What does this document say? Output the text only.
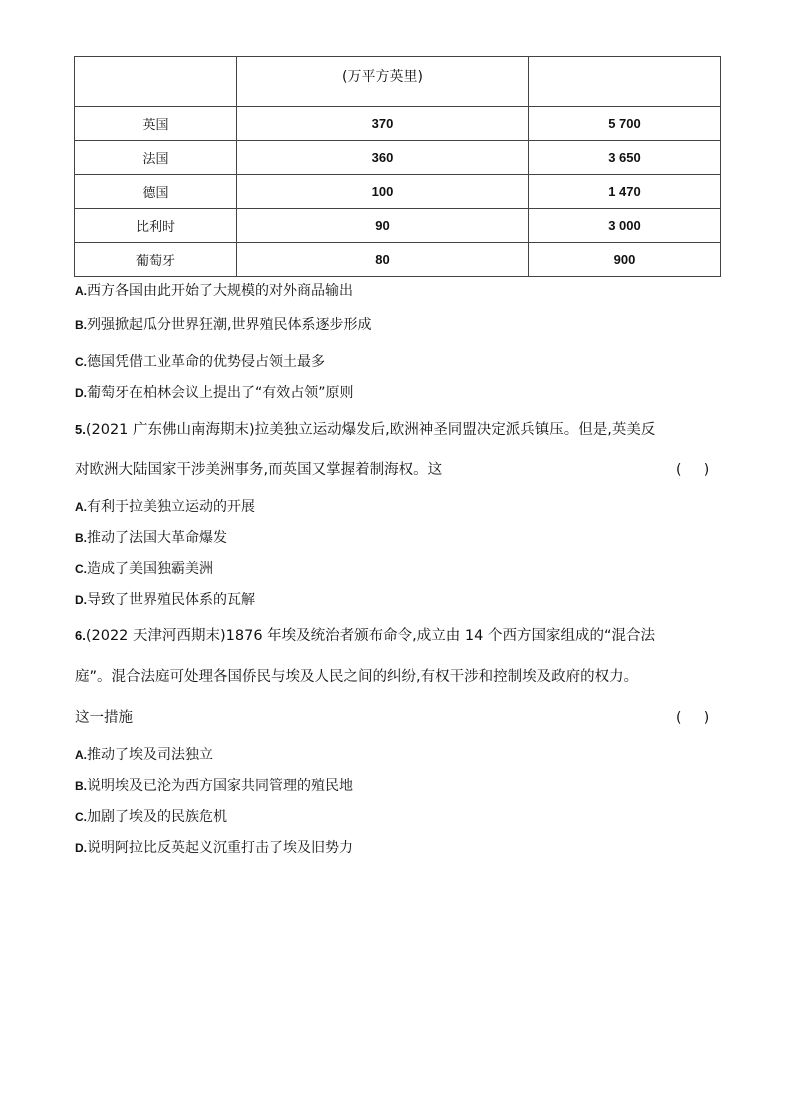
	(万平方英里)	

英国	370	5 700
法国	360	3 650
德国	100	1 470
比利时	90	3 000
葡萄牙	80	900
A.西方各国由此开始了大规模的对外商品输出
B.列强掀起瓜分世界狂潮,世界殖民体系逐步形成
C.德国凭借工业革命的优势侵占领土最多
D.葡萄牙在柏林会议上提出了“有效占领”原则
5.(2021 广东佛山南海期末)拉美独立运动爆发后,欧洲神圣同盟决定派兵镇压。但是,英美反
对欧洲大陆国家干涉美洲事务,而英国又掌握着制海权。这	(     )
A.有利于拉美独立运动的开展
B.推动了法国大革命爆发
C.造成了美国独霸美洲
D.导致了世界殖民体系的瓦解
6.(2022 天津河西期末)1876 年埃及统治者颁布命令,成立由 14 个西方国家组成的“混合法
庭”。混合法庭可处理各国侨民与埃及人民之间的纠纷,有权干涉和控制埃及政府的权力。
这一措施	(     )
A.推动了埃及司法独立
B.说明埃及已沦为西方国家共同管理的殖民地
C.加剧了埃及的民族危机
D.说明阿拉比反英起义沉重打击了埃及旧势力
